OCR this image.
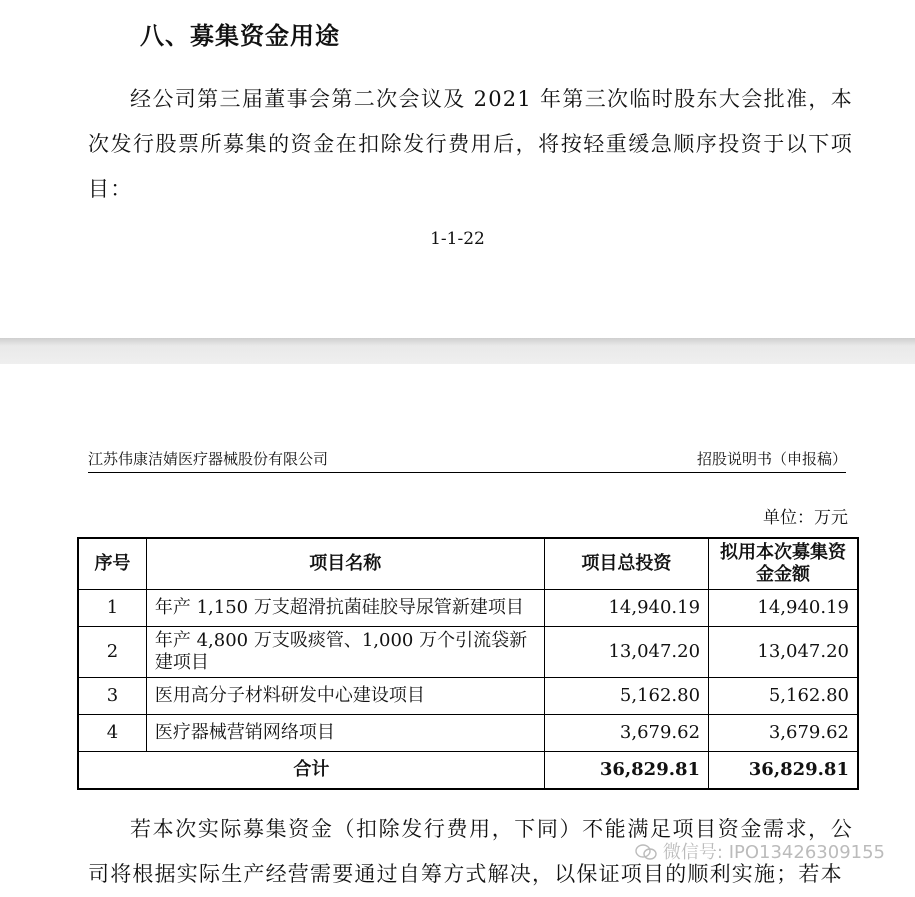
八、募集资金用途
经公司第三届董事会第二次会议及 2021 年第三次临时股东大会批准，本次发行股票所募集的资金在扣除发行费用后，将按轻重缓急顺序投资于以下项目：
1-1-22
江苏伟康洁婧医疗器械股份有限公司	招股说明书（申报稿）
单位：万元
序号	项目名称	项目总投资	拟用本次募集资金金额
1	年产 1,150 万支超滑抗菌硅胶导尿管新建项目	14,940.19	14,940.19
2	年产 4,800 万支吸痰管、1,000 万个引流袋新建项目	13,047.20	13,047.20
3	医用高分子材料研发中心建设项目	5,162.80	5,162.80
4	医疗器械营销网络项目	3,679.62	3,679.62
合计		36,829.81	36,829.81
若本次实际募集资金（扣除发行费用，下同）不能满足项目资金需求，公司将根据实际生产经营需要通过自筹方式解决，以保证项目的顺利实施；若本
微信号: IPO13426309155
